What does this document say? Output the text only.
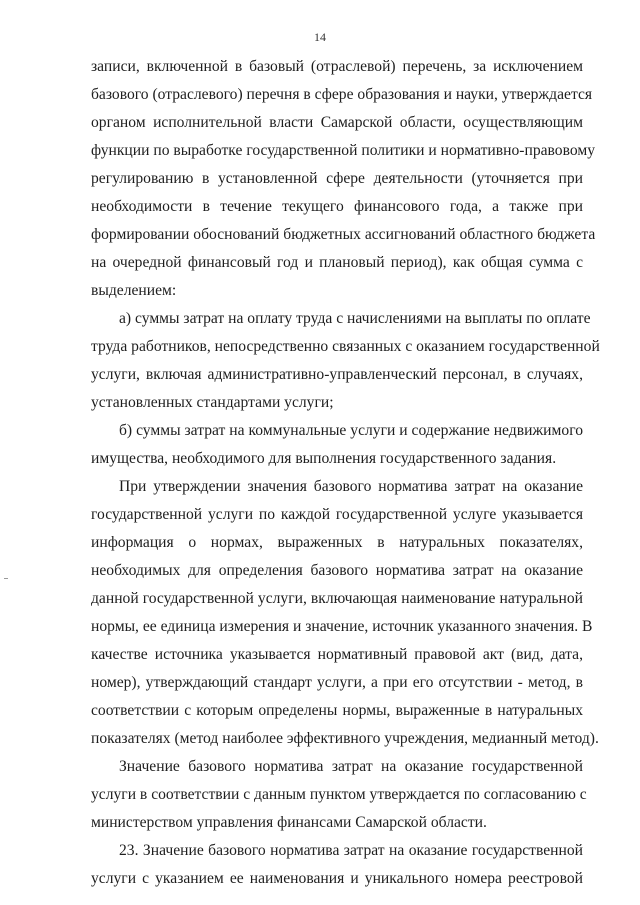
14
записи, включенной в базовый (отраслевой) перечень, за исключением
базового (отраслевого) перечня в сфере образования и науки, утверждается
органом исполнительной власти Самарской области, осуществляющим
функции по выработке государственной политики и нормативно-правовому
регулированию в установленной сфере деятельности (уточняется при
необходимости в течение текущего финансового года, а также при
формировании обоснований бюджетных ассигнований областного бюджета
на очередной финансовый год и плановый период), как общая сумма с
выделением:
а) суммы затрат на оплату труда с начислениями на выплаты по оплате
труда работников, непосредственно связанных с оказанием государственной
услуги, включая административно-управленческий персонал, в случаях,
установленных стандартами услуги;
б) суммы затрат на коммунальные услуги и содержание недвижимого
имущества, необходимого для выполнения государственного задания.
При утверждении значения базового норматива затрат на оказание
государственной услуги по каждой государственной услуге указывается
информация о нормах, выраженных в натуральных показателях,
необходимых для определения базового норматива затрат на оказание
данной государственной услуги, включающая наименование натуральной
нормы, ее единица измерения и значение, источник указанного значения. В
качестве источника указывается нормативный правовой акт (вид, дата,
номер), утверждающий стандарт услуги, а при его отсутствии - метод, в
соответствии с которым определены нормы, выраженные в натуральных
показателях (метод наиболее эффективного учреждения, медианный метод).
Значение базового норматива затрат на оказание государственной
услуги в соответствии с данным пунктом утверждается по согласованию с
министерством управления финансами Самарской области.
23. Значение базового норматива затрат на оказание государственной
услуги с указанием ее наименования и уникального номера реестровой
